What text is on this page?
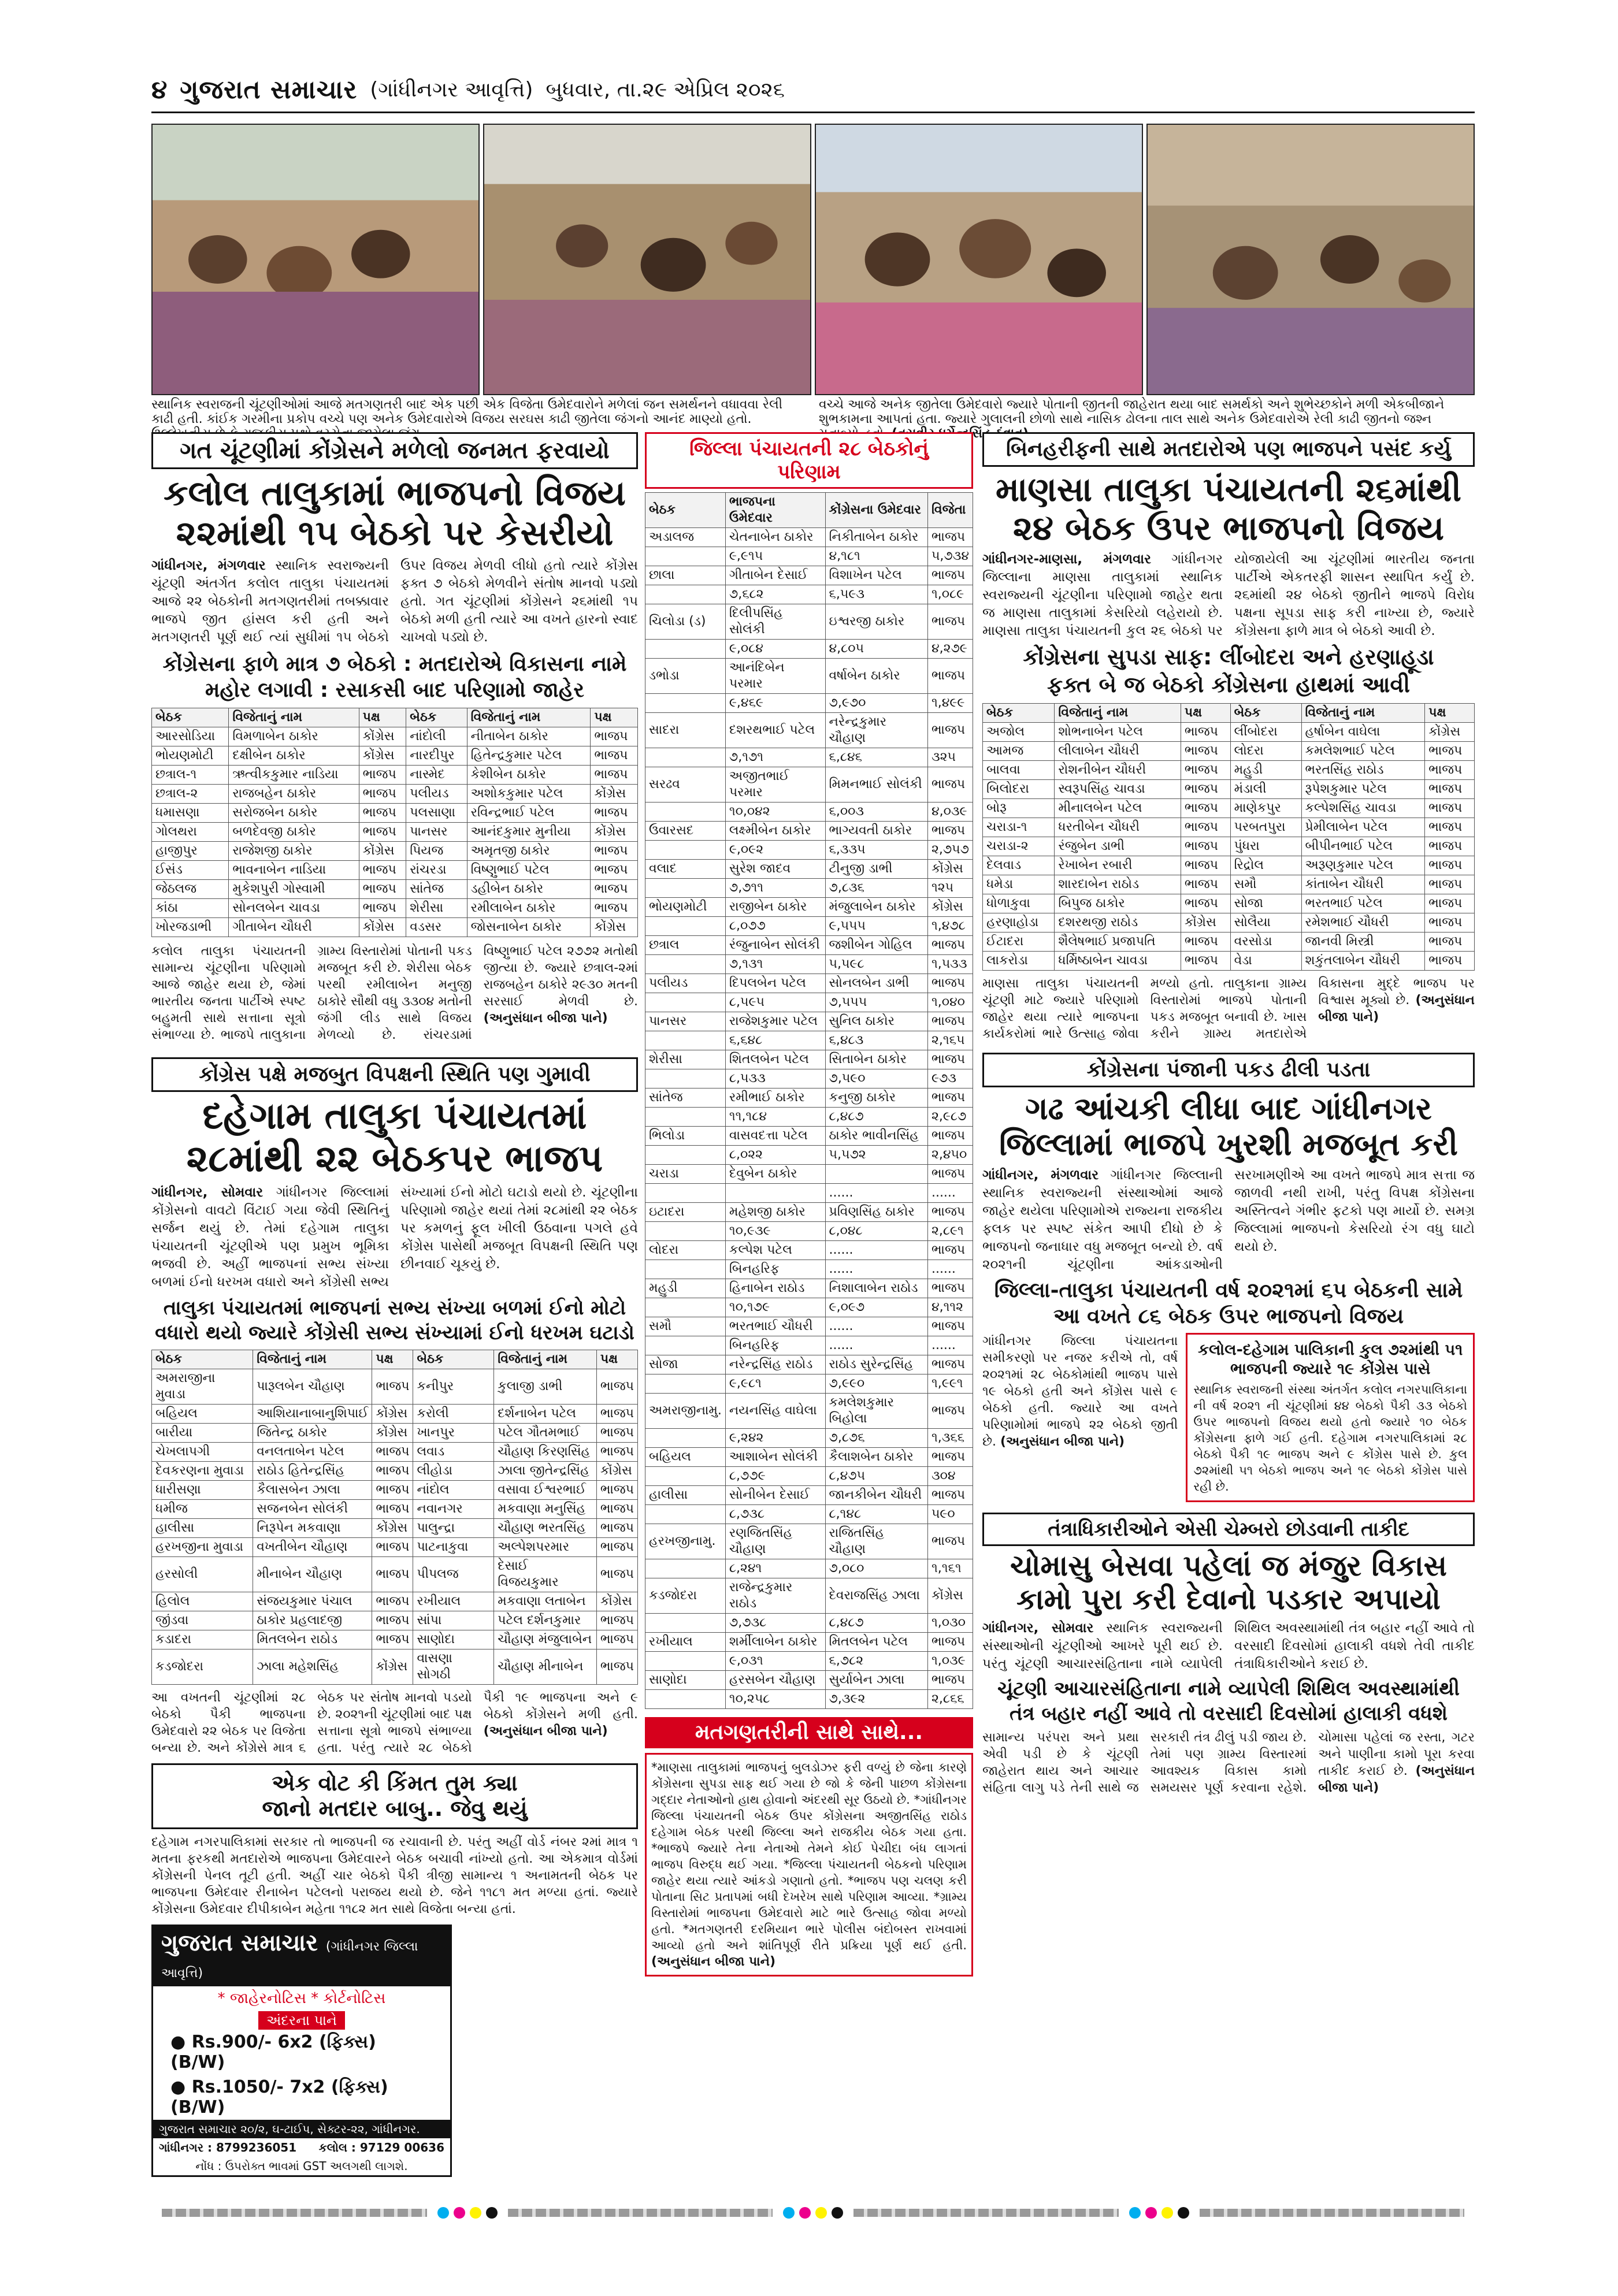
૪ ગુજરાત સમાચાર (ગાંધીનગર આવૃત્તિ) બુધવાર, તા.૨૯ એપ્રિલ ૨૦૨૬
સ્થાનિક સ્વરાજની ચૂંટણીઓમાં આજે મતગણતરી બાદ એક પછી એક વિજેતા ઉમેદવારોને મળેલાં જન સમર્થનને વધાવવા રેલી કાઢી હતી. કાંઈક ગરમીના પ્રકોપ વચ્ચે પણ અનેક ઉમેદવારોએ વિજય સરઘસ કાઢી જીતેલા જંગનો આનંદ માણ્યો હતો.
વચ્ચે આજે અનેક જીતેલા ઉમેદવારો જ્યારે પોતાની જીતની જાહેરાત થયા બાદ સમર્થકો અને શુભેચ્છકોને મળી એકબીજાને શુભકામના આપતાં હતા. જ્યારે ગુલાલની છોળો સાથે નાસિક ઢોલના તાલ સાથે અનેક ઉમેદવારોએ રેલી કાઢી જીતનો જશ્ન
ગત ચૂંટણીમાં કોંગ્રેસને મળેલો જનમત ફરવાયો
કલોલ તાલુકામાં ભાજપનો વિજય
૨૨માંથી ૧૫ બેઠકો પર કેસરીયો
ગાંધીનગર, મંગળવાર સ્થાનિક સ્વરાજ્યની ચૂંટણી અંતર્ગત કલોલ તાલુકા પંચાયતમાં આજે ૨૨ બેઠકોની મતગણતરીમાં તબક્કાવાર ભાજપે જીત હાંસલ કરી હતી અને મતગણતરી પૂર્ણ થઈ ત્યાં સુધીમાં ૧૫ બેઠકો ઉપર વિજય મેળવી લીધો હતો ત્યારે કોંગ્રેસ ફક્ત ૭ બેઠકો મેળવીને સંતોષ માનવો પડ્યો હતો. ગત ચૂંટણીમાં કોંગ્રેસને ૨૬માંથી ૧૫ બેઠકો મળી હતી ત્યારે આ વખતે હારનો સ્વાદ ચાખવો પડ્યો છે.
કોંગ્રેસના ફાળે માત્ર ૭ બેઠકો : મતદારોએ વિકાસના નામે મહોર લગાવી : રસાકસી બાદ પરિણામો જાહેર
બેઠક	વિજેતાનું નામ	પક્ષ	બેઠક	વિજેતાનું નામ	પક્ષ
આરસોડિયા	વિમળાબેન ઠાકોર	કોંગ્રેસ	નાંદોલી	નીતાબેન ઠાકોર	ભાજપ
ભોયણમોટી	દક્ષીબેન ઠાકોર	કોંગ્રેસ	નારદીપુર	હિતેન્દ્રકુમાર પટેલ	ભાજપ
છત્રાલ-૧	ઋત્વીકકુમાર નાડિયા	ભાજપ	નાસ્મેદ	કેશીબેન ઠાકોર	ભાજપ
છત્રાલ-૨	રાજબહેન ઠાકોર	ભાજપ	પલીયડ	અશોકકુમાર પટેલ	કોંગ્રેસ
ધમાસણા	સરોજબેન ઠાકોર	ભાજપ	પલસાણા	રવિન્દ્રભાઈ પટેલ	ભાજપ
ગોલથરા	બળદેવજી ઠાકોર	ભાજપ	પાનસર	આનંદકુમાર મુનીયા	કોંગ્રેસ
હાજીપુર	રાજેશજી ઠાકોર	કોંગ્રેસ	પિયજ	અમૃતજી ઠાકોર	ભાજપ
ઈસંડ	ભાવનાબેન નાડિયા	ભાજપ	રાંચરડા	વિષ્ણુભાઈ પટેલ	ભાજપ
જેઠલજ	મુકેશપુરી ગોસ્વામી	ભાજપ	સાંતેજ	ડહીબેન ઠાકોર	ભાજપ
કાંઠા	સોનલબેન ચાવડા	ભાજપ	શેરીસા	રમીલાબેન ઠાકોર	ભાજપ
ખોરજડાભી	ગીતાબેન ચૌધરી	કોંગ્રેસ	વડસર	જોસનાબેન ઠાકોર	કોંગ્રેસ
કલોલ તાલુકા પંચાયતની સામાન્ય ચૂંટણીના પરિણામો આજે જાહેર થયા છે, જેમાં ભારતીય જનતા પાર્ટીએ સ્પષ્ટ બહુમતી સાથે સત્તાના સૂત્રો સંભાળ્યા છે. ભાજપે તાલુકાના ગ્રામ્ય વિસ્તારોમાં પોતાની પકડ મજબૂત કરી છે. શેરીસા બેઠક પરથી રમીલાબેન મનુજી ઠાકોરે સૌથી વધુ ૩૩૦૪ મતોની જંગી લીડ સાથે વિજય મેળવ્યો છે. રાંચરડામાં વિષ્ણુભાઈ પટેલ ૨૭૭૨ મતોથી જીત્યા છે. જ્યારે છત્રાલ-૨માં રાજબહેન ઠાકોરે ૨૯૩૦ મતની સરસાઈ મેળવી છે. (અનુસંધાન બીજા પાને)
કોંગ્રેસ પક્ષે મજબુત વિપક્ષની સ્થિતિ પણ ગુમાવી
દહેગામ તાલુકા પંચાયતમાં
૨૮માંથી ૨૨ બેઠકપર ભાજપ
ગાંધીનગર, સોમવાર ગાંધીનગર જિલ્લામાં કોંગ્રેસનો વાવટો વિંટાઈ ગયા જેવી સ્થિતિનું સર્જન થયું છે. તેમાં દહેગામ તાલુકા પંચાયતની ચૂંટણીએ પણ પ્રમુખ ભૂમિકા ભજવી છે. અહીં ભાજપનાં સભ્ય સંખ્યા બળમાં ઈનો ધરખમ વધારો અને કોંગ્રેસી સભ્ય સંખ્યામાં ઈનો મોટો ઘટાડો થયો છે. ચૂંટણીના પરિણામો જાહેર થયાં તેમાં ૨૮માંથી ૨૨ બેઠક પર કમળનું ફૂલ ખીલી ઉઠવાના પગલે હવે કોંગ્રેસ પાસેથી મજબૂત વિપક્ષની સ્થિતિ પણ છીનવાઈ ચૂકયું છે.
તાલુકા પંચાયતમાં ભાજપનાં સભ્ય સંખ્યા બળમાં ઈનો મોટો વધારો થયો જ્યારે કોંગ્રેસી સભ્ય સંખ્યામાં ઈનો ધરખમ ઘટાડો
બેઠક	વિજેતાનું નામ	પક્ષ	બેઠક	વિજેતાનું નામ	પક્ષ
અમરાજીના મુવાડા	પારૂલબેન ચૌહાણ	ભાજપ	કનીપુર	કુલાજી ડાભી	ભાજપ
બહિયલ	આશિયાનાબાનુશિપાઈ	કોંગ્રેસ	કરોલી	દર્શનાબેન પટેલ	ભાજપ
બારીયા	જિતેન્દ્ર ઠાકોર	કોંગ્રેસ	ખાનપુર	પટેલ ગૌતમભાઈ	ભાજપ
ચેખલાપગી	વનલતાબેન પટેલ	ભાજપ	લવાડ	ચૌહાણ કિરણસિંહ	ભાજપ
દેવકરણના મુવાડા	રાઠોડ હિતેન્દ્રસિંહ	ભાજપ	લીહોડા	ઝાલા જીતેન્દ્રસિંહ	કોંગ્રેસ
ધારીસણા	કૈલાસબેન ઝાલા	ભાજપ	નાંદોલ	વસાવા ઈશ્વરભાઈ	ભાજપ
ધમીજ	સજનબેન સોલંકી	ભાજપ	નવાનગર	મકવાણા મનુસિંહ	ભાજપ
હાલીસા	નિરૂપેન મકવાણા	કોંગ્રેસ	પાલુન્દ્રા	ચૌહાણ ભરતસિંહ	ભાજપ
હરખજીના મુવાડા	વખતીબેન ચૌહાણ	ભાજપ	પાટનાકુવા	અલ્પેશપરમાર	ભાજપ
હરસોલી	મીનાબેન ચૌહાણ	ભાજપ	પીપલજ	દેસાઈ વિજયકુમાર	ભાજપ
હિલોલ	સંજયકુમાર પંચાલ	ભાજપ	રખીયાલ	મકવાણા લતાબેન	કોંગ્રેસ
જીંડવા	ઠાકોર પ્રહલાદજી	ભાજપ	સાંપા	પટેલ દર્શનકુમાર	ભાજપ
કડાદરા	મિતલબેન રાઠોડ	ભાજપ	સાણોદા	ચૌહાણ મંજુલાબેન	ભાજપ
કડજોદરા	ઝાલા મહેશસિંહ	કોંગ્રેસ	વાસણા સોગઠી	ચૌહાણ મીનાબેન	ભાજપ
આ વખતની ચૂંટણીમાં ૨૮ બેઠકો પૈકી ભાજપના ઉમેદવારો ૨૨ બેઠક પર વિજેતા બન્યા છે. અને કોંગ્રેસે માત્ર ૬ બેઠક પર સંતોષ માનવો પડયો છે. ૨૦૨૧ની ચૂંટણીમાં બાદ પક્ષ સત્તાના સૂત્રો ભાજપે સંભાળ્યા હતા. પરંતુ ત્યારે ૨૮ બેઠકો પૈકી ૧૯ ભાજપના અને ૯ બેઠકો કોંગ્રેસને મળી હતી. (અનુસંધાન બીજા પાને)
એક વોટ કી કિંમત તુમ ક્યા
જાનો મતદાર બાબુ.. જેવુ થયું
દહેગામ નગરપાલિકામાં સરકાર તો ભાજપની જ રચાવાની છે. પરંતુ અહીં વોર્ડ નંબર ૨માં માત્ર ૧ મતના ફરકથી મતદારોએ ભાજપના ઉમેદવારને બેઠક બચાવી નાંખ્યો હતો. આ એકમાત્ર વોર્ડમાં કોંગ્રેસની પેનલ તૂટી હતી. અહીં ચાર બેઠકો પૈકી ત્રીજી સામાન્ય ૧ અનામતની બેઠક પર ભાજપના ઉમેદવાર રીનાબેન પટેલનો પરાજય થયો છે. જેને ૧૧૮૧ મત મળ્યા હતાં. જ્યારે કોંગ્રેસના ઉમેદવાર દીપીકાબેન મહેતા ૧૧૮૨ મત સાથે વિજેતા બન્યા હતાં.
ગુજરાત સમાચાર (ગાંધીનગર જિલ્લા આવૃત્તિ)
* જાહેરનોટિસ * કોર્ટનોટિસ
અંદરના પાને
● Rs.900/- 6x2 (ફિક્સ) (B/W)
● Rs.1050/- 7x2 (ફિક્સ) (B/W)
ગુજરાત સમાચાર ૨૦/૨, ઘ-ટાઈપ, સેક્ટર-૨૨, ગાંધીનગર.
ગાંધીનગર : 8799236051 કલોલ : 97129 00636
નોંધ : ઉપરોક્ત ભાવમાં GST અલગથી લાગશે.
જિલ્લા પંચાયતની ૨૮ બેઠકોનું પરિણામ
બેઠક	ભાજપના ઉમેદવાર	કોંગ્રેસના ઉમેદવાર	વિજેતા
અડાલજ	ચેતનાબેન ઠાકોર	નિકીતાબેન ઠાકોર	ભાજપ
	૯,૯૧૫	૪,૧૮૧	૫,૭૩૪
છાલા	ગીતાબેન દેસાઈ	વિશાખેન પટેલ	ભાજપ
	૭,૬૮૨	૬,૫૯૩	૧,૦૮૯
ચિલોડા (ડ)	દિલીપસિંહ સોલંકી	ઇશ્વરજી ઠાકોર	ભાજપ
	૯,૦૮૪	૪,૮૦૫	૪,૨૭૯
ડભોડા	આનંદિબેન પરમાર	વર્ષાબેન ઠાકોર	ભાજપ
	૯,૪૬૯	૭,૯૭૦	૧,૪૯૯
સાદરા	દશરથભાઈ પટેલ	નરેન્દ્રકુમાર ચૌહાણ	ભાજપ
	૭,૧૭૧	૬,૮૪૬	૩૨૫
સરઢવ	અજીતભાઈ પરમાર	મિમનભાઈ સોલંકી	ભાજપ
	૧૦,૦૪૨	૬,૦૦૩	૪,૦૩૯
ઉવારસદ	લક્ષ્મીબેન ઠાકોર	ભાગ્યવતી ઠાકોર	ભાજપ
	૯,૦૯૨	૬,૩૩૫	૨,૭૫૭
વલાદ	સુરેશ જાદવ	ટીનુજી ડાભી	કોંગ્રેસ
	૭,૭૧૧	૭,૮૩૬	૧૨૫
ભોયણમોટી	રાજીબેન ઠાકોર	મંજુલાબેન ઠાકોર	કોંગ્રેસ
	૮,૦૭૭	૯,૫૫૫	૧,૪૭૮
છત્રાલ	રંજુનાબેન સોલંકી	જશીબેન ગોહિલ	ભાજપ
	૭,૧૩૧	૫,૫૯૮	૧,૫૩૩
પલીયડ	દિપલબેન પટેલ	સોનલબેન ડાભી	ભાજપ
	૮,૫૯૫	૭,૫૫૫	૧,૦૪૦
પાનસર	રાજેશકુમાર પટેલ	સુનિલ ઠાકોર	ભાજપ
	૬,૬૪૮	૬,૪૮૩	૨,૧૬૫
શેરીસા	શિતલબેન પટેલ	સિતાબેન ઠાકોર	ભાજપ
	૮,૫૩૩	૭,૫૯૦	૯૭૩
સાંતેજ	રમીભાઈ ઠાકોર	કનુજી ઠાકોર	ભાજપ
	૧૧,૧૮૪	૮,૪૮૭	૨,૯૮૭
ભિલોડા	વાસવદત્તા પટેલ	ઠાકોર ભાવીનસિંહ	ભાજપ
	૮,૦૨૨	૫,૫૭૨	૨,૪૫૦
ચરાડા	દેવુબેન ઠાકોર		ભાજપ
		......	......
ઇટાદરા	મહેશજી ઠાકોર	પ્રવિણસિંહ ઠાકોર	ભાજપ
	૧૦,૯૩૯	૮,૦૪૮	૨,૮૯૧
લોદરા	કલ્પેશ પટેલ	......	ભાજપ
	બિનહરિફ	......	......
મહુડી	હિનાબેન રાઠોડ	નિશાલાબેન રાઠોડ	ભાજપ
	૧૦,૧૭૯	૯,૦૯૭	૪,૧૧૨
સમૌ	ભરતભાઈ ચૌધરી	......	ભાજપ
	બિનહરિફ	......	......
સોજા	નરેન્દ્રસિંહ રાઠોડ	રાઠોડ સુરેન્દ્રસિંહ	ભાજપ
	૯,૯૮૧	૭,૯૯૦	૧,૯૯૧
અમરાજીનામુ.	નયનસિંહ વાઘેલા	કમલેશકુમાર બિહોલા	ભાજપ
	૯,૨૪૨	૭,૮૭૬	૧,૩૬૬
બહિયલ	આશાબેન સોલંકી	કૈલાશબેન ઠાકોર	ભાજપ
	૮,૭૭૯	૮,૪૭૫	૩૦૪
હાલીસા	સોનીબેન દેસાઈ	જાનકીબેન ચૌધરી	ભાજપ
	૮,૭૩૮	૮,૧૪૮	૫૯૦
હરખજીનામુ.	રણજિતસિંહ ચૌહાણ	રાજિતસિંહ ચૌહાણ	ભાજપ
	૮,૨૪૧	૭,૦૮૦	૧,૧૬૧
કડજોદરા	રાજેન્દ્રકુમાર રાઠોડ	દેવરાજસિંહ ઝાલા	કોંગ્રેસ
	૭,૭૩૮	૮,૪૮૭	૧,૦૩૦
રખીયાલ	શર્મીલાબેન ઠાકોર	મિતલબેન પટેલ	ભાજપ
	૯,૦૩૧	૬,૭૮૨	૧,૦૩૯
સાણોદા	હરસબેન ચૌહાણ	સુર્યાબેન ઝાલા	ભાજપ
	૧૦,૨૫૮	૭,૩૯૨	૨,૮૬૬
મતગણતરીની સાથે સાથે...
*માણસા તાલુકામાં ભાજપનું બુલડોઝર ફરી વળ્યું છે જેના કારણે કોંગ્રેસના સુપડા સાફ થઈ ગયા છે જો કે જેની પાછળ કોંગ્રેસના ગદ્દાર નેતાઓનો હાથ હોવાનો અંદરથી સૂર ઉઠયો છે. *ગાંધીનગર જિલ્લા પંચાયતની બેઠક ઉપર કોંગ્રેસના અજીતસિંહ રાઠોડ દહેગામ બેઠક પરથી જિલ્લા અને રાજકીય બેઠક ગયા હતા. *ભાજપે જ્યારે તેના નેતાઓ તેમને કોઈ પેચીદા બંધ લાગતાં ભાજપ વિરુદ્ધ થઈ ગયા. *જિલ્લા પંચાયતની બેઠકનો પરિણામ જાહેર થયા ત્યારે આંકડો ગણાતો હતો. *ભાજપ પણ ચલણ કરી પોતાના સિટ પ્રતાપમાં બધી દેખરેખ સાથે પરિણામ આવ્યા. *ગ્રામ્ય વિસ્તારોમાં ભાજપના ઉમેદવારો માટે ભારે ઉત્સાહ જોવા મળ્યો હતો. *મતગણતરી દરમિયાન ભારે પોલીસ બંદોબસ્ત રાખવામાં આવ્યો હતો અને શાંતિપૂર્ણ રીતે પ્રક્રિયા પૂર્ણ થઈ હતી. (અનુસંધાન બીજા પાને)
બિનહરીફની સાથે મતદારોએ પણ ભાજપને પસંદ કર્યુ
માણસા તાલુકા પંચાયતની ૨૬માંથી
૨૪ બેઠક ઉપર ભાજપનો વિજય
ગાંધીનગર-માણસા, મંગળવાર ગાંધીનગર જિલ્લાના માણસા તાલુકામાં સ્થાનિક સ્વરાજ્યની ચૂંટણીના પરિણામો જાહેર થતા જ માણસા તાલુકામાં કેસરિયો લહેરાયો છે. માણસા તાલુકા પંચાયતની કુલ ૨૬ બેઠકો પર યોજાયેલી આ ચૂંટણીમાં ભારતીય જનતા પાર્ટીએ એકતરફી શાસન સ્થાપિત કર્યું છે. ૨૬માંથી ૨૪ બેઠકો જીતીને ભાજપે વિરોધ પક્ષના સૂપડા સાફ કરી નાખ્યા છે, જ્યારે કોંગ્રેસના ફાળે માત્ર બે બેઠકો આવી છે.
કોંગ્રેસના સુપડા સાફ: લીંબોદરા અને હરણાહૂડા
ફક્ત બે જ બેઠકો કોંગ્રેસના હાથમાં આવી
બેઠક	વિજેતાનું નામ	પક્ષ	બેઠક	વિજેતાનું નામ	પક્ષ
અજોલ	શોભનાબેન પટેલ	ભાજપ	લીંબોદરા	હર્ષાબેન વાઘેલા	કોંગ્રેસ
આમજ	લીલાબેન ચૌધરી	ભાજપ	લોદરા	કમલેશભાઈ પટેલ	ભાજપ
બાલવા	રોશનીબેન ચૌધરી	ભાજપ	મહુડી	ભરતસિંહ રાઠોડ	ભાજપ
બિલોદરા	સ્વરૂપસિંહ ચાવડા	ભાજપ	મંડાલી	રૂપેશકુમાર પટેલ	ભાજપ
બોરૂ	મીનાલબેન પટેલ	ભાજપ	માણેકપુર	કલ્પેશસિંહ ચાવડા	ભાજપ
ચરાડા-૧	ધરતીબેન ચૌધરી	ભાજપ	પરબતપુરા	પ્રેમીલાબેન પટેલ	ભાજપ
ચરાડા-૨	રંજુબેન ડાભી	ભાજપ	પુંધરા	બીપીનભાઈ પટેલ	ભાજપ
દેલવાડ	રેખાબેન રબારી	ભાજપ	રિદ્રોલ	અરૂણકુમાર પટેલ	ભાજપ
ધમેડા	શારદાબેન રાઠોડ	ભાજપ	સમૌ	કાંતાબેન ચૌધરી	ભાજપ
ધોળાકુવા	બિપુજ ઠાકોર	ભાજપ	સોજા	ભરતભાઈ પટેલ	ભાજપ
હરણાહોડા	દશરથજી રાઠોડ	કોંગ્રેસ	સોલૈયા	રમેશભાઈ ચૌધરી	ભાજપ
ઈટાદરા	શૈલેષભાઈ પ્રજાપતિ	ભાજપ	વરસોડા	જાનવી મિસ્ત્રી	ભાજપ
લાકરોડા	ધર્મિષ્ઠાબેન ચાવડા	ભાજપ	વેડા	શકુંતલાબેન ચૌધરી	ભાજપ
માણસા તાલુકા પંચાયતની ચૂંટણી માટે જ્યારે પરિણામો જાહેર થયા ત્યારે ભાજપના કાર્યકરોમાં ભારે ઉત્સાહ જોવા મળ્યો હતો. તાલુકાના ગ્રામ્ય વિસ્તારોમાં ભાજપે પોતાની પકડ મજબૂત બનાવી છે. ખાસ કરીને ગ્રામ્ય મતદારોએ વિકાસના મુદ્દે ભાજપ પર વિશ્વાસ મૂક્યો છે. (અનુસંધાન બીજા પાને)
કોંગ્રેસના પંજાની પકડ ઢીલી પડતા
ગઢ આંચકી લીધા બાદ ગાંધીનગર
જિલ્લામાં ભાજપે ખુરશી મજબૂત કરી
ગાંધીનગર, મંગળવાર ગાંધીનગર જિલ્લાની સ્થાનિક સ્વરાજ્યની સંસ્થાઓમાં આજે જાહેર થયેલા પરિણામોએ રાજ્યના રાજકીય ફલક પર સ્પષ્ટ સંકેત આપી દીધો છે કે ભાજપનો જનાધાર વધુ મજબૂત બન્યો છે. વર્ષ ૨૦૨૧ની ચૂંટણીના આંકડાઓની સરખામણીએ આ વખતે ભાજપે માત્ર સત્તા જ જાળવી નથી રાખી, પરંતુ વિપક્ષ કોંગ્રેસના અસ્તિત્વને ગંભીર ફટકો પણ માર્યો છે. સમગ્ર જિલ્લામાં ભાજપનો કેસરિયો રંગ વધુ ઘાટો થયો છે.
જિલ્લા-તાલુકા પંચાયતની વર્ષ ૨૦૨૧માં ૬૫ બેઠકની સામે આ વખતે ૮૬ બેઠક ઉપર ભાજપનો વિજય
ગાંધીનગર જિલ્લા પંચાયતના સમીકરણો પર નજર કરીએ તો, વર્ષ ૨૦૨૧માં ૨૮ બેઠકોમાંથી ભાજપ પાસે ૧૯ બેઠકો હતી અને કોંગ્રેસ પાસે ૯ બેઠકો હતી. જ્યારે આ વખતે પરિણામોમાં ભાજપે ૨૨ બેઠકો જીતી છે. (અનુસંધાન બીજા પાને)
કલોલ-દહેગામ પાલિકાની કુલ ૭૨માંથી ૫૧
ભાજપની જ્યારે ૧૯ કોંગ્રેસ પાસે
સ્થાનિક સ્વરાજની સંસ્થા અંતર્ગત કલોલ નગરપાલિકાના ની વર્ષ ૨૦૨૧ ની ચૂંટણીમાં ૪૪ બેઠકો પૈકી ૩૩ બેઠકો ઉપર ભાજપનો વિજય થયો હતો જ્યારે ૧૦ બેઠક કોંગ્રેસના ફાળે ગઈ હતી. દહેગામ નગરપાલિકામાં ૨૮ બેઠકો પૈકી ૧૯ ભાજપ અને ૯ કોંગ્રેસ પાસે છે. કુલ ૭૨માંથી ૫૧ બેઠકો ભાજપ અને ૧૯ બેઠકો કોંગ્રેસ પાસે રહી છે.
તંત્રાધિકારીઓને એસી ચેમ્બરો છોડવાની તાકીદ
ચોમાસુ બેસવા પહેલાં જ મંજુર વિકાસ
કામો પુરા કરી દેવાનો પડકાર અપાયો
ગાંધીનગર, સોમવાર સ્થાનિક સ્વરાજ્યની સંસ્થાઓની ચૂંટણીઓ આખરે પૂરી થઈ છે. પરંતુ ચૂંટણી આચારસંહિતાના નામે વ્યાપેલી શિથિલ અવસ્થામાંથી તંત્ર બહાર નહીં આવે તો વરસાદી દિવસોમાં હાલાકી વધશે તેવી તાકીદ તંત્રાધિકારીઓને કરાઈ છે.
ચૂંટણી આચારસંહિતાના નામે વ્યાપેલી શિથિલ અવસ્થામાંથી તંત્ર બહાર નહીં આવે તો વરસાદી દિવસોમાં હાલાકી વધશે
સામાન્ય પરંપરા અને પ્રથા એવી પડી છે કે ચૂંટણી જાહેરાત થાય અને આચાર સંહિતા લાગુ પડે તેની સાથે જ સરકારી તંત્ર ઢીલું પડી જાય છે. તેમાં પણ ગ્રામ્ય વિસ્તારમાં આવશ્યક વિકાસ કામો સમયસર પૂર્ણ કરવાના રહેશે. ચોમાસા પહેલાં જ રસ્તા, ગટર અને પાણીના કામો પૂરા કરવા તાકીદ કરાઈ છે. (અનુસંધાન બીજા પાને)
